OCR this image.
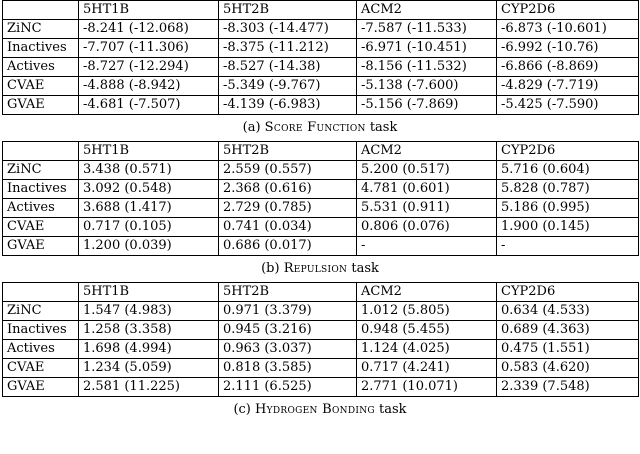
	5HT1B	5HT2B	ACM2	CYP2D6
ZiNC	-8.241 (-12.068)	-8.303 (-14.477)	-7.587 (-11.533)	-6.873 (-10.601)
Inactives	-7.707 (-11.306)	-8.375 (-11.212)	-6.971 (-10.451)	-6.992 (-10.76)
Actives	-8.727 (-12.294)	-8.527 (-14.38)	-8.156 (-11.532)	-6.866 (-8.869)
CVAE	-4.888 (-8.942)	-5.349 (-9.767)	-5.138 (-7.600)	-4.829 (-7.719)
GVAE	-4.681 (-7.507)	-4.139 (-6.983)	-5.156 (-7.869)	-5.425 (-7.590)
(a) Score Function task
	5HT1B	5HT2B	ACM2	CYP2D6
ZiNC	3.438 (0.571)	2.559 (0.557)	5.200 (0.517)	5.716 (0.604)
Inactives	3.092 (0.548)	2.368 (0.616)	4.781 (0.601)	5.828 (0.787)
Actives	3.688 (1.417)	2.729 (0.785)	5.531 (0.911)	5.186 (0.995)
CVAE	0.717 (0.105)	0.741 (0.034)	0.806 (0.076)	1.900 (0.145)
GVAE	1.200 (0.039)	0.686 (0.017)	-	-
(b) Repulsion task
	5HT1B	5HT2B	ACM2	CYP2D6
ZiNC	1.547 (4.983)	0.971 (3.379)	1.012 (5.805)	0.634 (4.533)
Inactives	1.258 (3.358)	0.945 (3.216)	0.948 (5.455)	0.689 (4.363)
Actives	1.698 (4.994)	0.963 (3.037)	1.124 (4.025)	0.475 (1.551)
CVAE	1.234 (5.059)	0.818 (3.585)	0.717 (4.241)	0.583 (4.620)
GVAE	2.581 (11.225)	2.111 (6.525)	2.771 (10.071)	2.339 (7.548)
(c) Hydrogen Bonding task
